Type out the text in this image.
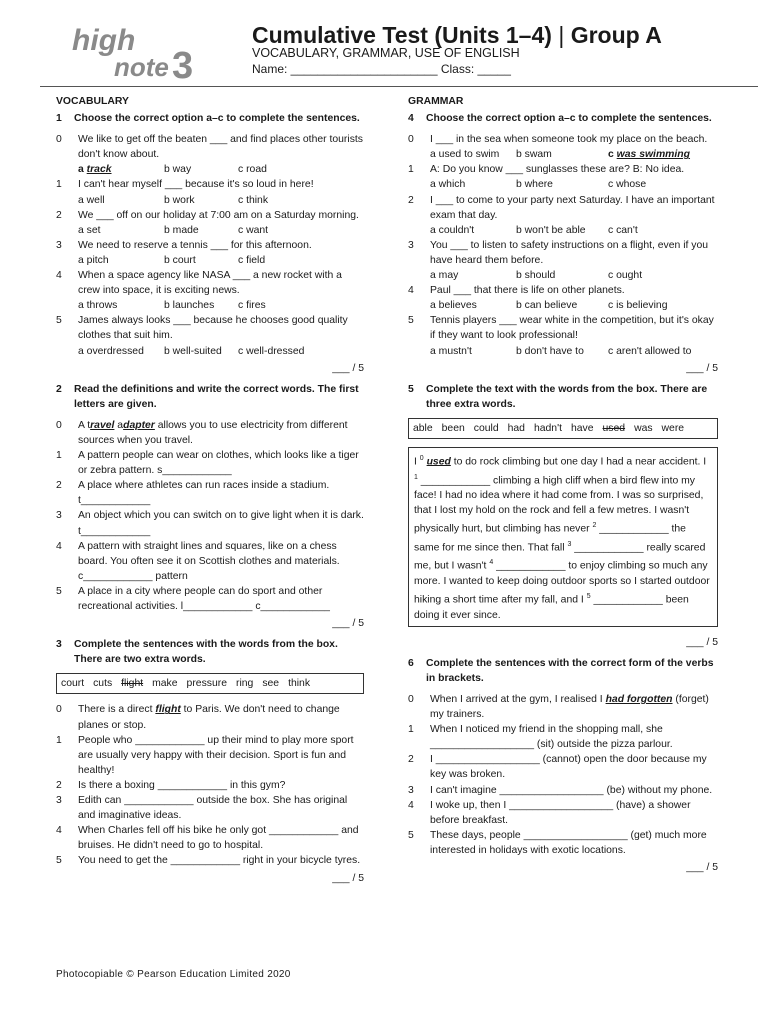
high
note 3
Cumulative Test (Units 1–4) | Group A
VOCABULARY, GRAMMAR, USE OF ENGLISH
Name: ______________________ Class: _____
VOCABULARY
1	Choose the correct option a–c to complete the sentences.
0	We like to get off the beaten ___ and find places other tourists don't know about.
a track	b way	c road
1	I can't hear myself ___ because it's so loud in here!
a well	b work	c think
2	We ___ off on our holiday at 7:00 am on a Saturday morning.
a set	b made	c want
3	We need to reserve a tennis ___ for this afternoon.
a pitch	b court	c field
4	When a space agency like NASA ___ a new rocket with a crew into space, it is exciting news.
a throws	b launches	c fires
5	James always looks ___ because he chooses good quality clothes that suit him.
a overdressed	b well-suited	c well-dressed
___ / 5
2	Read the definitions and write the correct words. The first letters are given.
0	A travel adapter allows you to use electricity from different sources when you travel.
1	A pattern people can wear on clothes, which looks like a tiger or zebra pattern. s____________
2	A place where athletes can run races inside a stadium. t____________
3	An object which you can switch on to give light when it is dark. t____________
4	A pattern with straight lines and squares, like on a chess board. You often see it on Scottish clothes and materials. c____________ pattern
5	A place in a city where people can do sport and other recreational activities. l____________ c____________
___ / 5
3	Complete the sentences with the words from the box. There are two extra words.
court cuts flight make pressure ring see think
0	There is a direct flight to Paris. We don't need to change planes or stop.
1	People who ____________ up their mind to play more sport are usually very happy with their decision. Sport is fun and healthy!
2	Is there a boxing ____________ in this gym?
3	Edith can ____________ outside the box. She has original and imaginative ideas.
4	When Charles fell off his bike he only got ____________ and bruises. He didn't need to go to hospital.
5	You need to get the ____________ right in your bicycle tyres.
___ / 5
GRAMMAR
4	Choose the correct option a–c to complete the sentences.
0	I ___ in the sea when someone took my place on the beach.
a used to swim	b swam	c was swimming
1	A: Do you know ___ sunglasses these are? B: No idea.
a which	b where	c whose
2	I ___ to come to your party next Saturday. I have an important exam that day.
a couldn't	b won't be able	c can't
3	You ___ to listen to safety instructions on a flight, even if you have heard them before.
a may	b should	c ought
4	Paul ___ that there is life on other planets.
a believes	b can believe	c is believing
5	Tennis players ___ wear white in the competition, but it's okay if they want to look professional!
a mustn't	b don't have to	c aren't allowed to
___ / 5
5	Complete the text with the words from the box. There are three extra words.
able been could had hadn't have used was were
I $^0$ used to do rock climbing but one day I had a near accident. I $^1$ ____________ climbing a high cliff when a bird flew into my face! I had no idea where it had come from. I was so surprised, that I lost my hold on the rock and fell a few metres. I wasn't physically hurt, but climbing has never $^2$ ____________ the same for me since then. That fall $^3$ ____________ really scared me, but I wasn't $^4$ ____________ to enjoy climbing so much any more. I wanted to keep doing outdoor sports so I started outdoor hiking a short time after my fall, and I $^5$ ____________ been doing it ever since.
___ / 5
6	Complete the sentences with the correct form of the verbs in brackets.
0	When I arrived at the gym, I realised I had forgotten (forget) my trainers.
1	When I noticed my friend in the shopping mall, she __________________ (sit) outside the pizza parlour.
2	I __________________ (cannot) open the door because my key was broken.
3	I can't imagine __________________ (be) without my phone.
4	I woke up, then I __________________ (have) a shower before breakfast.
5	These days, people __________________ (get) much more interested in holidays with exotic locations.
___ / 5
Photocopiable © Pearson Education Limited 2020
